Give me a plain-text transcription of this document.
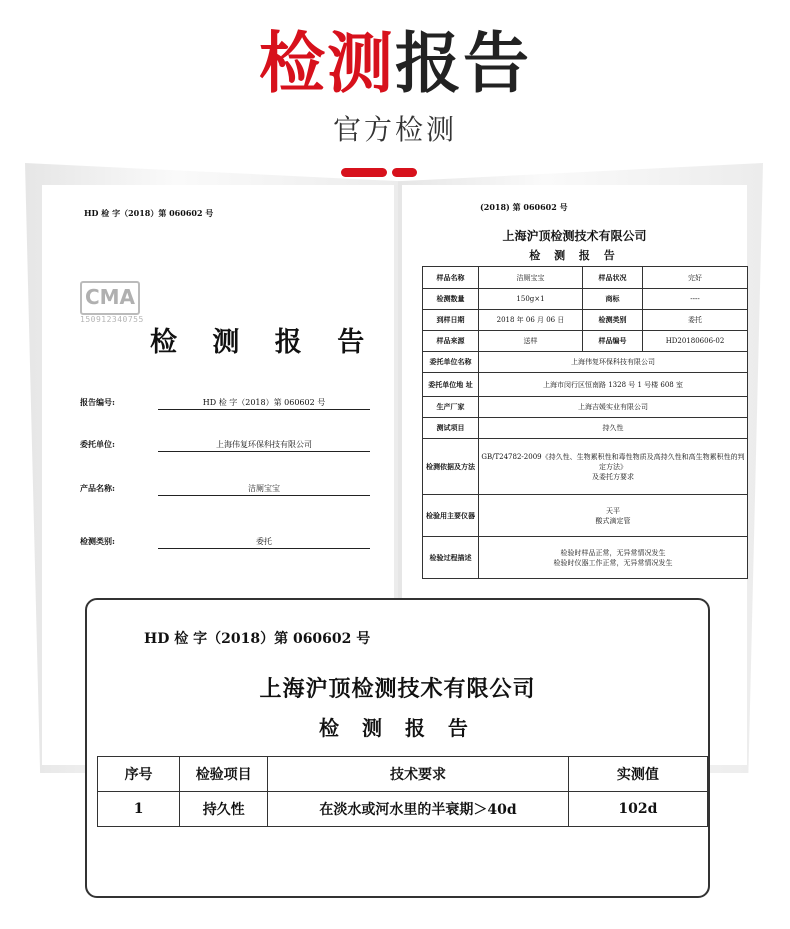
检测报告
官方检测
HD 检 字（2018）第 060602 号
CMA
150912340755
检 测 报 告
报告编号:	HD 检 字（2018）第 060602 号
委托单位:	上海伟复环保科技有限公司
产品名称:	洁厕宝宝
检测类别:	委托
(2018) 第 060602 号
上海沪顶检测技术有限公司
检 测 报 告
样品名称	洁厕宝宝	样品状况	完好
检测数量	150g×1	商标	----
到样日期	2018 年 06 月 06 日	检测类别	委托
样品来源	送样	样品编号	HD20180606-02
委托单位名称	上海伟复环保科技有限公司		
委托单位地 址	上海市闵行区恒南路 1328 号 1 号楼 608 室		
生产厂家	上海吉媛实业有限公司		
测试项目	持久性		
检测依据及方法	GB/T24782-2009《持久性、生物累积性和毒性物质及高持久性和高生物累积性的判定方法》
及委托方要求		

检验用主要仪器	天平
酸式滴定管		

检验过程描述	检验时样品正常，无异常情况发生
检验时仪器工作正常，无异常情况发生		
HD 检 字（2018）第 060602 号
上海沪顶检测技术有限公司
检 测 报 告
序号	检验项目	技术要求	实测值
1	持久性	在淡水或河水里的半衰期＞40d	102d
